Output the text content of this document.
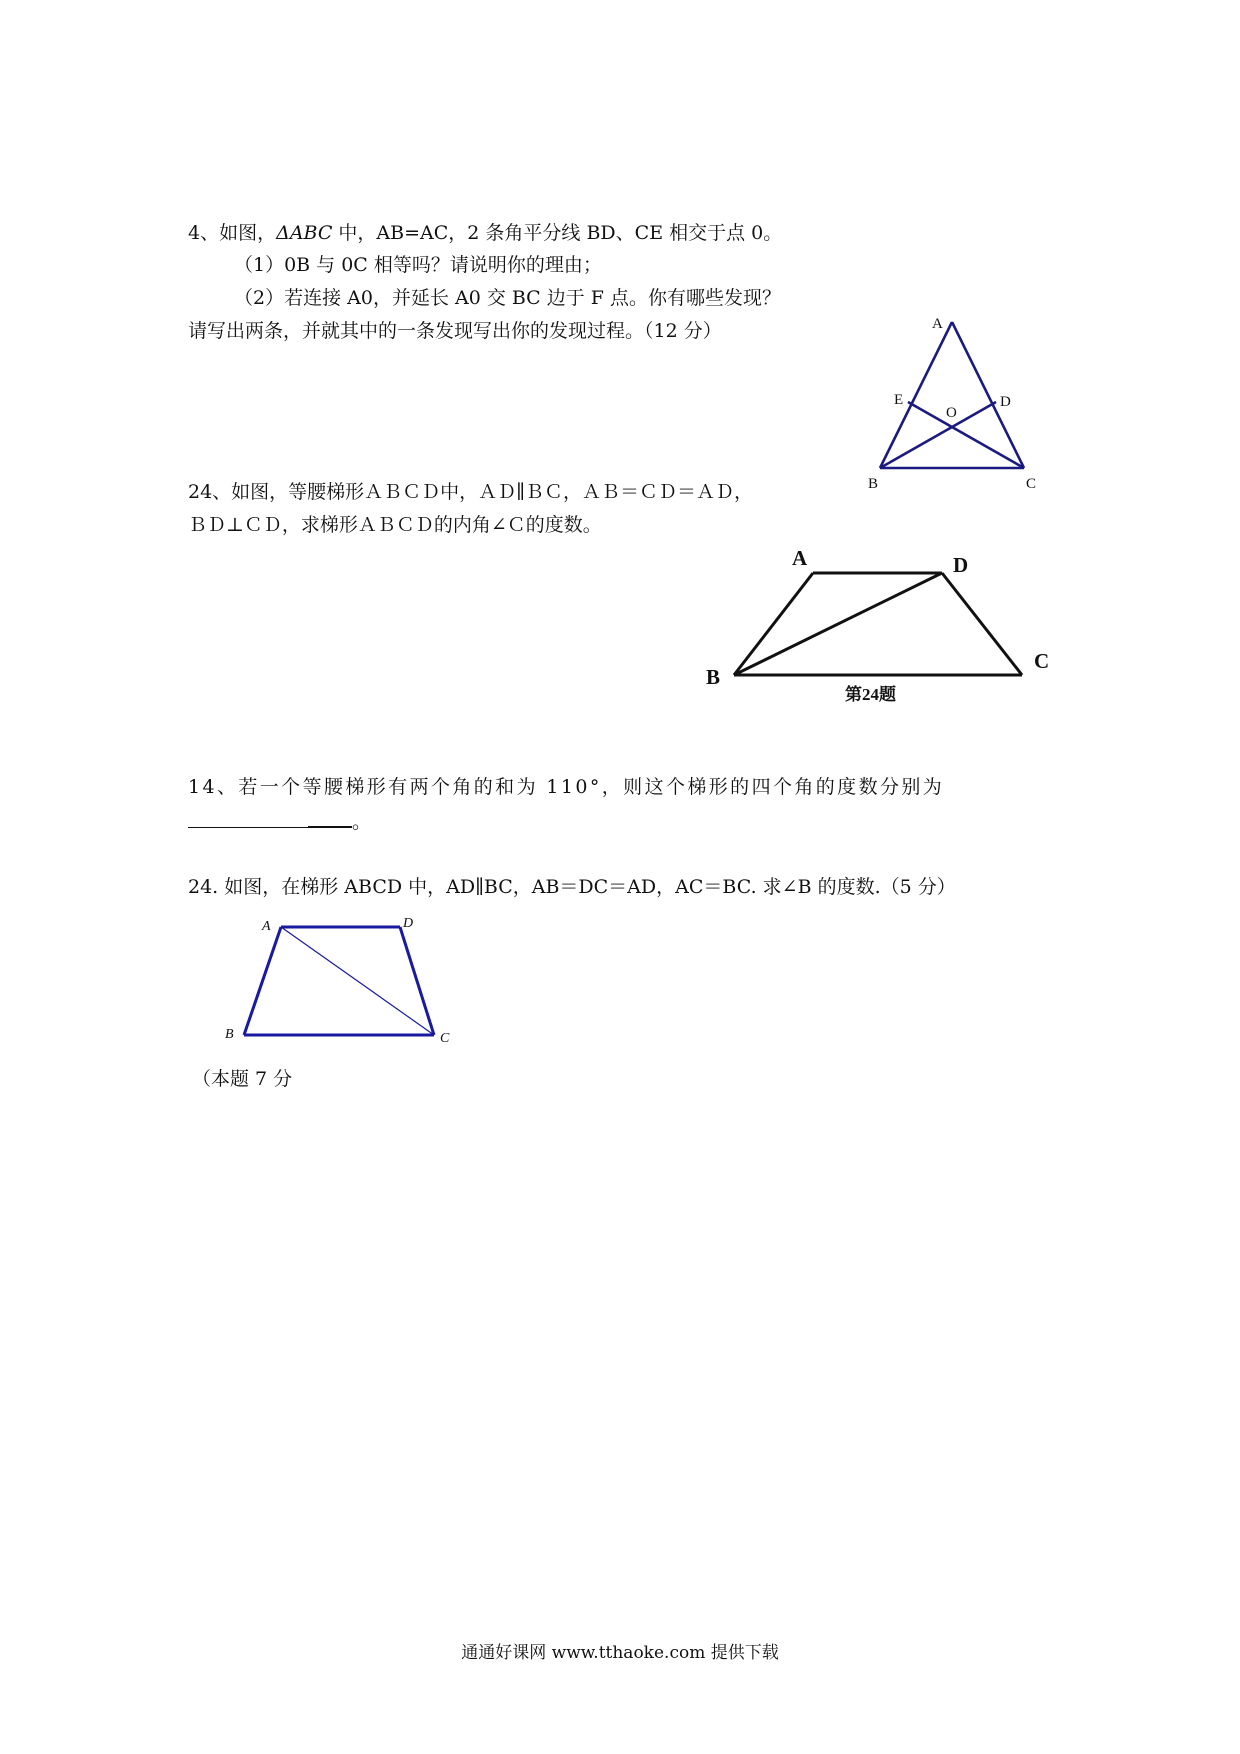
4、如图，ΔABC 中，AB=AC，2 条角平分线 BD、CE 相交于点 0。
（1）0B 与 0C 相等吗？请说明你的理由；
（2）若连接 A0，并延长 A0 交 BC 边于 F 点。你有哪些发现？
请写出两条，并就其中的一条发现写出你的发现过程。（12 分）	A
B	C
D
E
O
24、如图，等腰梯形ＡＢＣＤ中，ＡＤ∥ＢＣ，ＡＢ＝ＣＤ＝ＡＤ，
ＢＤ⊥ＣＤ，求梯形ＡＢＣＤ的内角∠Ｃ的度数。
A	D
B
C
第24题
14、若一个等腰梯形有两个角的和为 110°，则这个梯形的四个角的度数分别为
。
24. 如图，在梯形 ABCD 中，AD∥BC，AB＝DC＝AD，AC＝BC. 求∠B 的度数.（5 分）
A	D
B	C
（本题 7 分
通通好课网 www.tthaoke.com 提供下载
